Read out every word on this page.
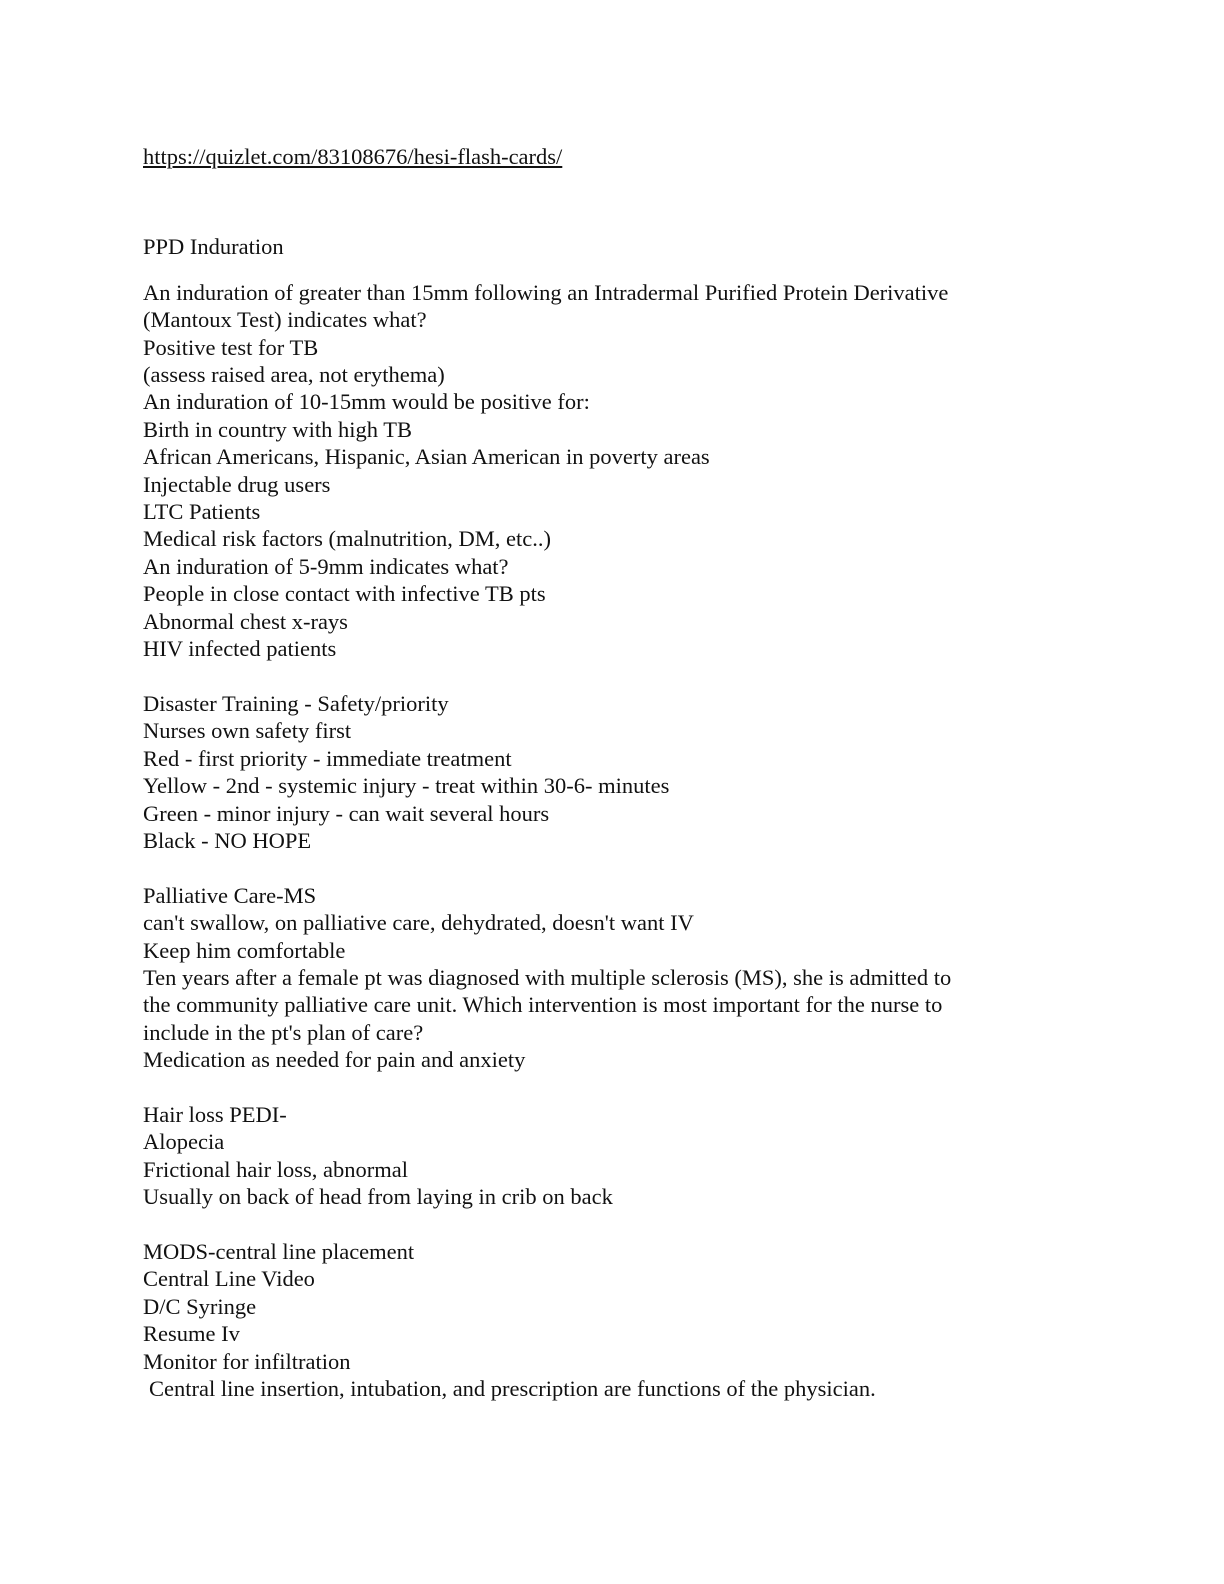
https://quizlet.com/83108676/hesi-flash-cards/
PPD Induration
An induration of greater than 15mm following an Intradermal Purified Protein Derivative
(Mantoux Test) indicates what?
Positive test for TB
(assess raised area, not erythema)
An induration of 10-15mm would be positive for:
Birth in country with high TB
African Americans, Hispanic, Asian American in poverty areas
Injectable drug users
LTC Patients
Medical risk factors (malnutrition, DM, etc..)
An induration of 5-9mm indicates what?
People in close contact with infective TB pts
Abnormal chest x-rays
HIV infected patients
Disaster Training - Safety/priority
Nurses own safety first
Red - first priority - immediate treatment
Yellow - 2nd - systemic injury - treat within 30-6- minutes
Green - minor injury - can wait several hours
Black - NO HOPE
Palliative Care-MS
can't swallow, on palliative care, dehydrated, doesn't want IV
Keep him comfortable
Ten years after a female pt was diagnosed with multiple sclerosis (MS), she is admitted to
the community palliative care unit. Which intervention is most important for the nurse to
include in the pt's plan of care?
Medication as needed for pain and anxiety
Hair loss PEDI-
Alopecia
Frictional hair loss, abnormal
Usually on back of head from laying in crib on back
MODS-central line placement
Central Line Video
D/C Syringe
Resume Iv
Monitor for infiltration
Central line insertion, intubation, and prescription are functions of the physician.
